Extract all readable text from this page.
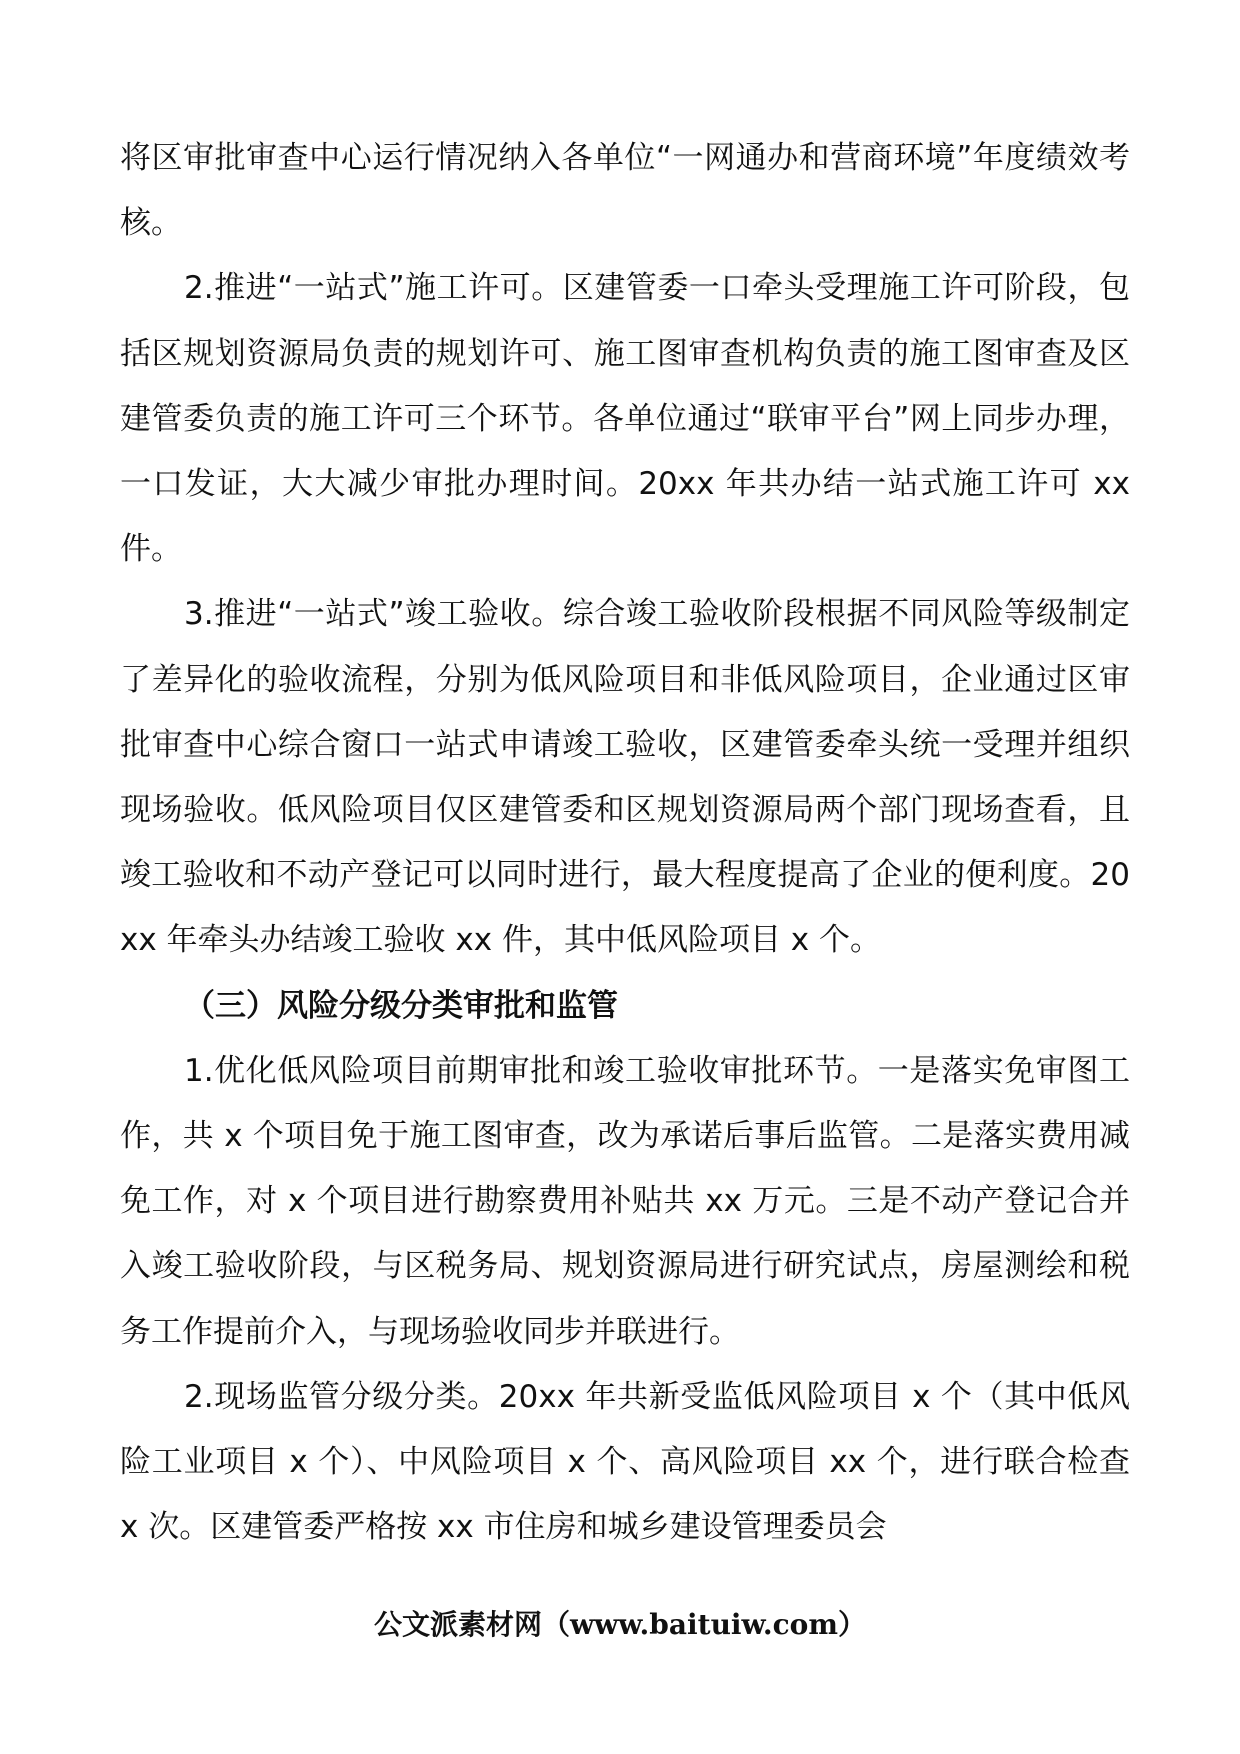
将区审批审查中心运行情况纳入各单位“一网通办和营商环境”年度绩效考核。

2.推进“一站式”施工许可。区建管委一口牵头受理施工许可阶段，包括区规划资源局负责的规划许可、施工图审查机构负责的施工图审查及区建管委负责的施工许可三个环节。各单位通过“联审平台”网上同步办理，一口发证，大大减少审批办理时间。20xx 年共办结一站式施工许可 xx 件。

3.推进“一站式”竣工验收。综合竣工验收阶段根据不同风险等级制定了差异化的验收流程，分别为低风险项目和非低风险项目，企业通过区审批审查中心综合窗口一站式申请竣工验收，区建管委牵头统一受理并组织现场验收。低风险项目仅区建管委和区规划资源局两个部门现场查看，且竣工验收和不动产登记可以同时进行，最大程度提高了企业的便利度。20xx 年牵头办结竣工验收 xx 件，其中低风险项目 x 个。

（三）风险分级分类审批和监管

1.优化低风险项目前期审批和竣工验收审批环节。一是落实免审图工作，共 x 个项目免于施工图审查，改为承诺后事后监管。二是落实费用减免工作，对 x 个项目进行勘察费用补贴共 xx 万元。三是不动产登记合并入竣工验收阶段，与区税务局、规划资源局进行研究试点，房屋测绘和税务工作提前介入，与现场验收同步并联进行。

2.现场监管分级分类。20xx 年共新受监低风险项目 x 个（其中低风险工业项目 x 个）、中风险项目 x 个、高风险项目 xx 个，进行联合检查 x 次。区建管委严格按 xx 市住房和城乡建设管理委员会

公文派素材网（www.baituiw.com）
